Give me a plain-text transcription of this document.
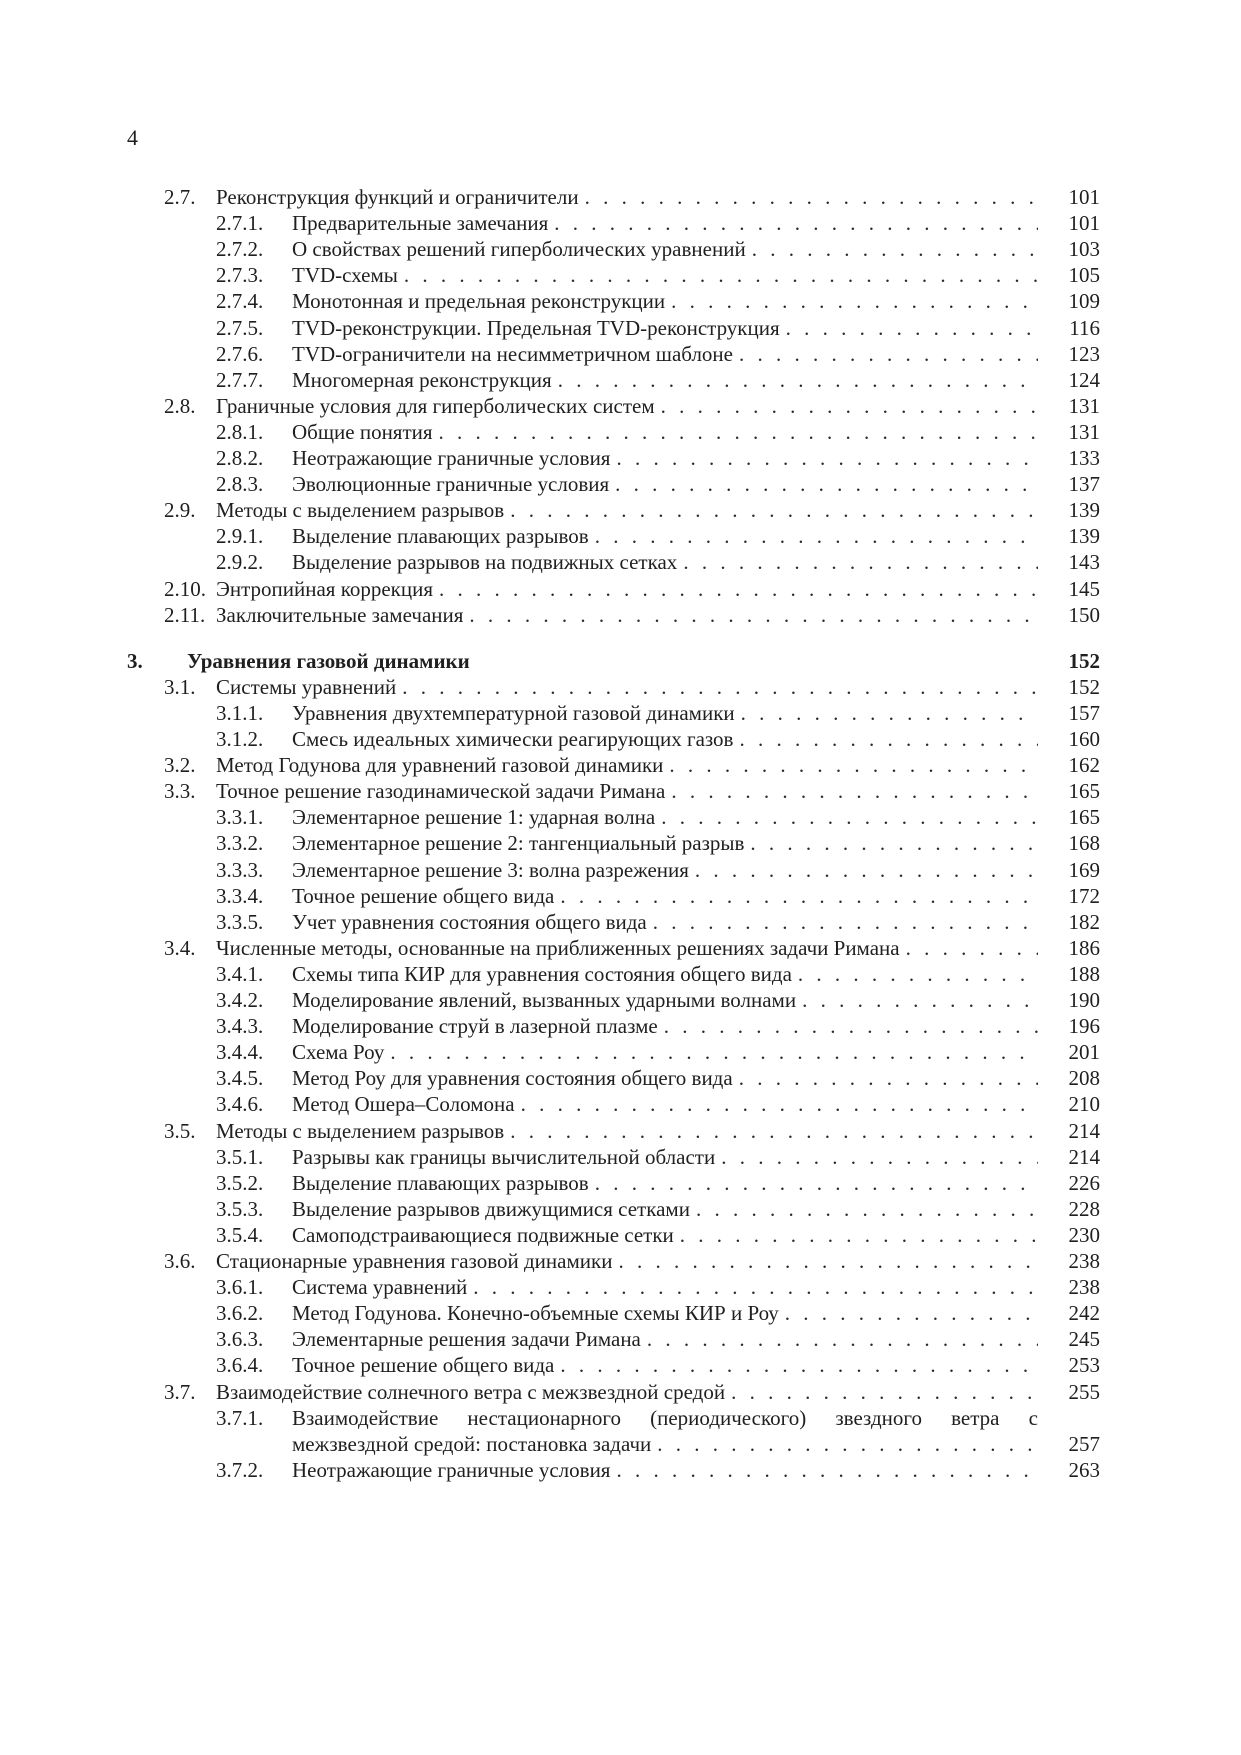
4
2.7. Реконструкция функций и ограничители . . .	101
2.7.1. Предварительные замечания . . .	101
2.7.2. О свойствах решений гиперболических уравнений . . .	103
2.7.3. TVD-схемы . . .	105
2.7.4. Монотонная и предельная реконструкции . . .	109
2.7.5. TVD-реконструкции. Предельная TVD-реконструкция . . .	116
2.7.6. TVD-ограничители на несимметричном шаблоне . . .	123
2.7.7. Многомерная реконструкция . . .	124
2.8. Граничные условия для гиперболических систем . . .	131
2.8.1. Общие понятия . . .	131
2.8.2. Неотражающие граничные условия . . .	133
2.8.3. Эволюционные граничные условия . . .	137
2.9. Методы с выделением разрывов . . .	139
2.9.1. Выделение плавающих разрывов . . .	139
2.9.2. Выделение разрывов на подвижных сетках . . .	143
2.10. Энтропийная коррекция . . .	145
2.11. Заключительные замечания . . .	150
3. Уравнения газовой динамики	152
3.1. Системы уравнений . . .	152
3.1.1. Уравнения двухтемпературной газовой динамики . . .	157
3.1.2. Смесь идеальных химически реагирующих газов . . .	160
3.2. Метод Годунова для уравнений газовой динамики . . .	162
3.3. Точное решение газодинамической задачи Римана . . .	165
3.3.1. Элементарное решение 1: ударная волна . . .	165
3.3.2. Элементарное решение 2: тангенциальный разрыв . . .	168
3.3.3. Элементарное решение 3: волна разрежения . . .	169
3.3.4. Точное решение общего вида . . .	172
3.3.5. Учет уравнения состояния общего вида . . .	182
3.4. Численные методы, основанные на приближенных решениях задачи Римана . . .	186
3.4.1. Схемы типа КИР для уравнения состояния общего вида . . .	188
3.4.2. Моделирование явлений, вызванных ударными волнами . . .	190
3.4.3. Моделирование струй в лазерной плазме . . .	196
3.4.4. Схема Роу . . .	201
3.4.5. Метод Роу для уравнения состояния общего вида . . .	208
3.4.6. Метод Ошера–Соломона . . .	210
3.5. Методы с выделением разрывов . . .	214
3.5.1. Разрывы как границы вычислительной области . . .	214
3.5.2. Выделение плавающих разрывов . . .	226
3.5.3. Выделение разрывов движущимися сетками . . .	228
3.5.4. Самоподстраивающиеся подвижные сетки . . .	230
3.6. Стационарные уравнения газовой динамики . . .	238
3.6.1. Система уравнений . . .	238
3.6.2. Метод Годунова. Конечно-объемные схемы КИР и Роу . . .	242
3.6.3. Элементарные решения задачи Римана . . .	245
3.6.4. Точное решение общего вида . . .	253
3.7. Взаимодействие солнечного ветра с межзвездной средой . . .	255
3.7.1. Взаимодействие нестационарного (периодического) звездного ветра с
межзвездной средой: постановка задачи . . .	257
3.7.2. Неотражающие граничные условия . . .	263
